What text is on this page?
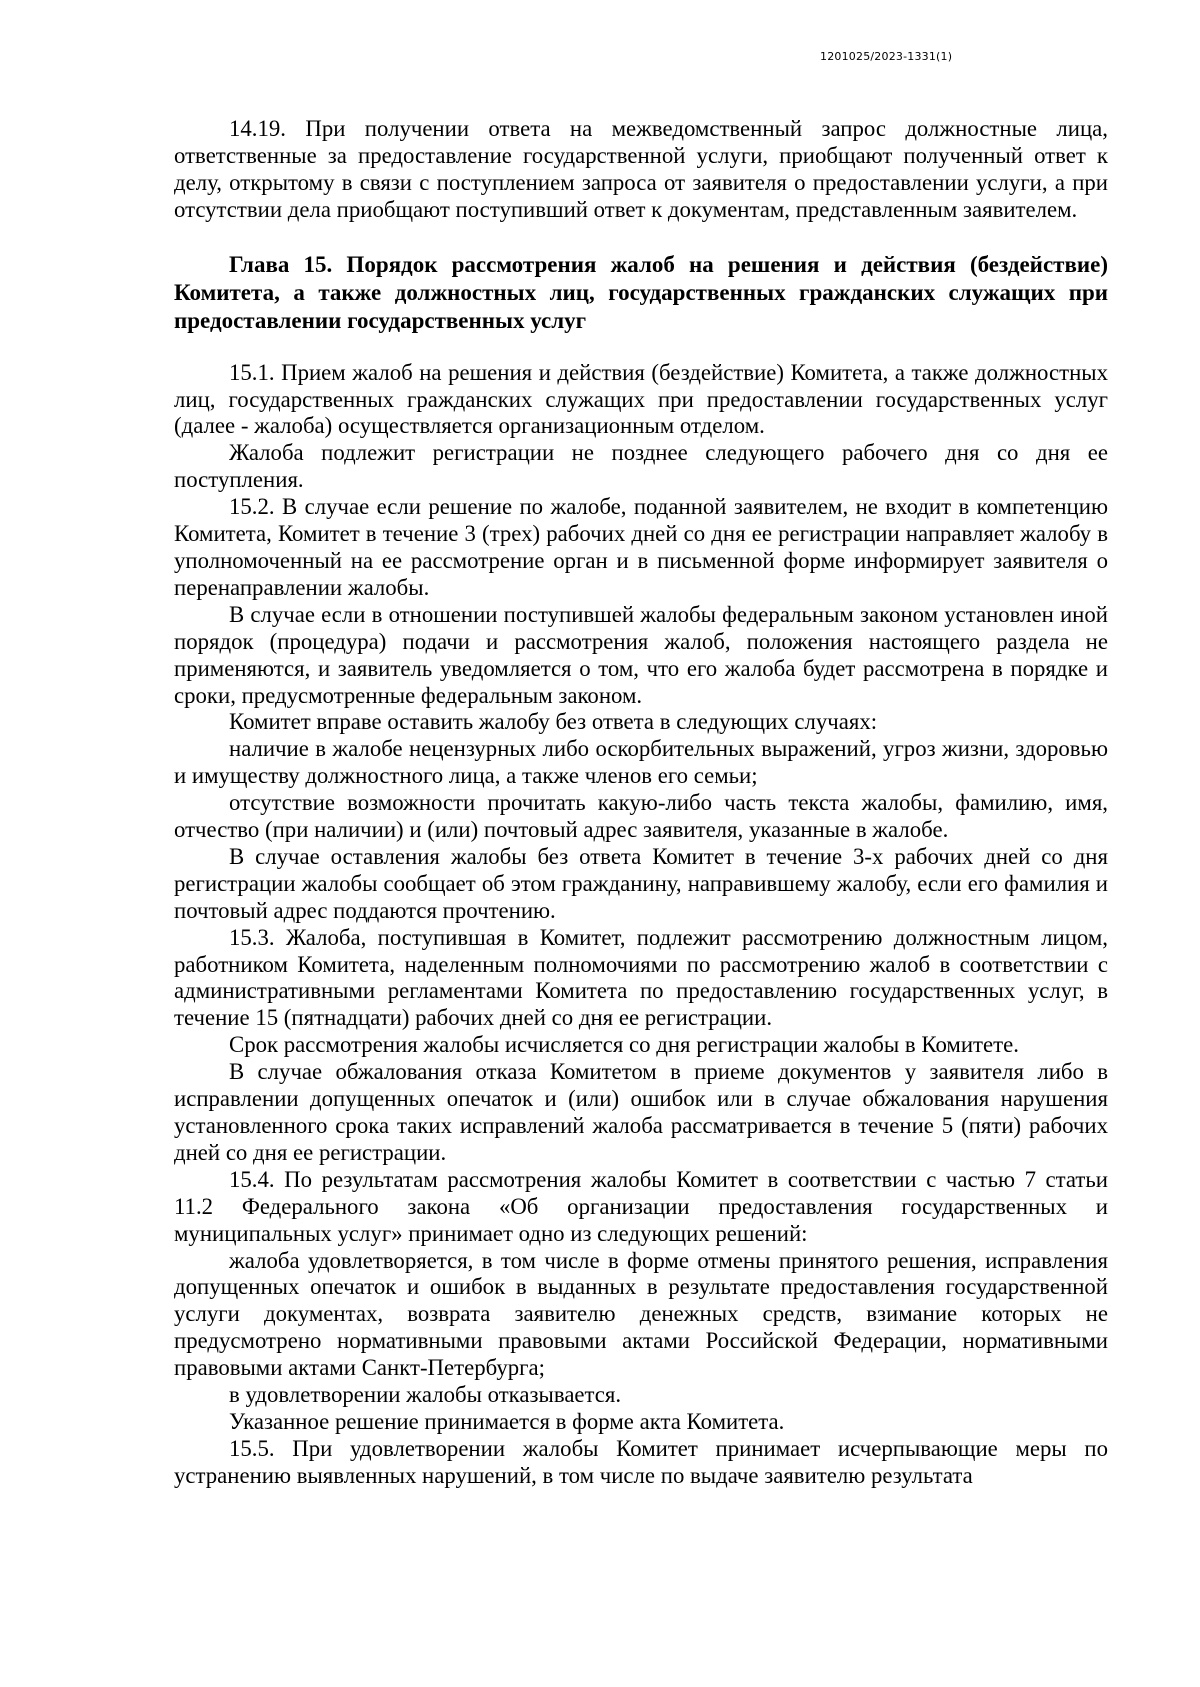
1201025/2023-1331(1)

14.19. При получении ответа на межведомственный запрос должностные лица, ответственные за предоставление государственной услуги, приобщают полученный ответ к делу, открытому в связи с поступлением запроса от заявителя о предоставлении услуги, а при отсутствии дела приобщают поступивший ответ к документам, представленным заявителем.

Глава 15. Порядок рассмотрения жалоб на решения и действия (бездействие) Комитета, а также должностных лиц, государственных гражданских служащих при предоставлении государственных услуг

15.1. Прием жалоб на решения и действия (бездействие) Комитета, а также должностных лиц, государственных гражданских служащих при предоставлении государственных услуг (далее - жалоба) осуществляется организационным отделом.

Жалоба подлежит регистрации не позднее следующего рабочего дня со дня ее поступления.

15.2. В случае если решение по жалобе, поданной заявителем, не входит в компетенцию Комитета, Комитет в течение 3 (трех) рабочих дней со дня ее регистрации направляет жалобу в уполномоченный на ее рассмотрение орган и в письменной форме информирует заявителя о перенаправлении жалобы.

В случае если в отношении поступившей жалобы федеральным законом установлен иной порядок (процедура) подачи и рассмотрения жалоб, положения настоящего раздела не применяются, и заявитель уведомляется о том, что его жалоба будет рассмотрена в порядке и сроки, предусмотренные федеральным законом.

Комитет вправе оставить жалобу без ответа в следующих случаях:

наличие в жалобе нецензурных либо оскорбительных выражений, угроз жизни, здоровью и имуществу должностного лица, а также членов его семьи;

отсутствие возможности прочитать какую-либо часть текста жалобы, фамилию, имя, отчество (при наличии) и (или) почтовый адрес заявителя, указанные в жалобе.

В случае оставления жалобы без ответа Комитет в течение 3-х рабочих дней со дня регистрации жалобы сообщает об этом гражданину, направившему жалобу, если его фамилия и почтовый адрес поддаются прочтению.

15.3. Жалоба, поступившая в Комитет, подлежит рассмотрению должностным лицом, работником Комитета, наделенным полномочиями по рассмотрению жалоб в соответствии с административными регламентами Комитета по предоставлению государственных услуг, в течение 15 (пятнадцати) рабочих дней со дня ее регистрации.

Срок рассмотрения жалобы исчисляется со дня регистрации жалобы в Комитете.

В случае обжалования отказа Комитетом в приеме документов у заявителя либо в исправлении допущенных опечаток и (или) ошибок или в случае обжалования нарушения установленного срока таких исправлений жалоба рассматривается в течение 5 (пяти) рабочих дней со дня ее регистрации.

15.4. По результатам рассмотрения жалобы Комитет в соответствии с частью 7 статьи 11.2 Федерального закона «Об организации предоставления государственных и муниципальных услуг» принимает одно из следующих решений:

жалоба удовлетворяется, в том числе в форме отмены принятого решения, исправления допущенных опечаток и ошибок в выданных в результате предоставления государственной услуги документах, возврата заявителю денежных средств, взимание которых не предусмотрено нормативными правовыми актами Российской Федерации, нормативными правовыми актами Санкт-Петербурга;

в удовлетворении жалобы отказывается.

Указанное решение принимается в форме акта Комитета.

15.5. При удовлетворении жалобы Комитет принимает исчерпывающие меры по устранению выявленных нарушений, в том числе по выдаче заявителю результата
